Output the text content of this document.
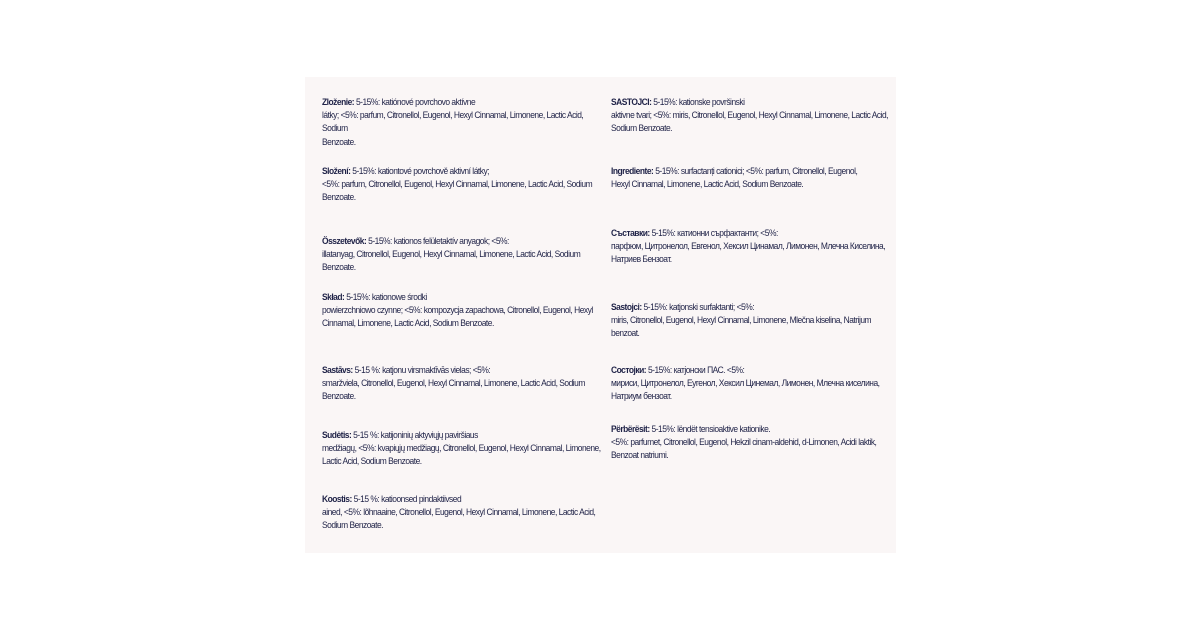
Zloženie: 5-15%: katiónové povrchovo aktívne
látky; <5%: parfum, Citronellol, Eugenol, Hexyl Cinnamal, Limonene, Lactic Acid, Sodium
Benzoate.
Složení: 5-15%: kationtové povrchově aktivní látky;
<5%: parfum, Citronellol, Eugenol, Hexyl Cinnamal, Limonene, Lactic Acid, Sodium
Benzoate.
Összetevők: 5-15%: kationos felületaktív anyagok; <5%:
illatanyag, Citronellol, Eugenol, Hexyl Cinnamal, Limonene, Lactic Acid, Sodium Benzoate.
Skład: 5-15%: kationowe środki
powierzchniowo czynne; <5%: kompozycja zapachowa, Citronellol, Eugenol, Hexyl
Cinnamal, Limonene, Lactic Acid, Sodium Benzoate.
Sastāvs: 5-15 %: katjonu virsmaktīvās vielas; <5%:
smaržviela, Citronellol, Eugenol, Hexyl Cinnamal, Limonene, Lactic Acid, Sodium
Benzoate.
Sudėtis: 5-15 %: katijoninių aktyviųjų paviršiaus
medžiagų, <5%: kvapiųjų medžiagų, Citronellol, Eugenol, Hexyl Cinnamal, Limonene,
Lactic Acid, Sodium Benzoate.
Koostis: 5-15 %: katioonsed pindaktiivsed
ained, <5%: lõhnaaine, Citronellol, Eugenol, Hexyl Cinnamal, Limonene, Lactic Acid,
Sodium Benzoate.
SASTOJCI: 5-15%: kationske površinski
aktivne tvari; <5%: miris, Citronellol, Eugenol, Hexyl Cinnamal, Limonene, Lactic Acid,
Sodium Benzoate.
Ingrediente: 5-15%: surfactanți cationici; <5%: parfum, Citronellol, Eugenol,
Hexyl Cinnamal, Limonene, Lactic Acid, Sodium Benzoate.
Съставки: 5-15%: катионни сърфактанти; <5%:
парфюм, Цитронелол, Евгенол, Хексил Цинамал, Лимонен, Млечна Киселина,
Натриев Бензоат.
Sastojci: 5-15%: katjonski surfaktanti; <5%:
miris, Citronellol, Eugenol, Hexyl Cinnamal, Limonene, Mlečna kiselina, Natrijum benzoat.
Состојки: 5-15%: катјонски ПАС. <5%:
мириси, Цитронелол, Еугенол, Хексил Цинемал, Лимонен, Млечна киселина,
Натриум бензоат.
Përbërësit: 5-15%: lëndët tensioaktive kationike.
<5%: parfumet, Citronellol, Eugenol, Hekzil cinam-aldehid, d-Limonen, Acidi laktik,
Benzoat natriumi.
